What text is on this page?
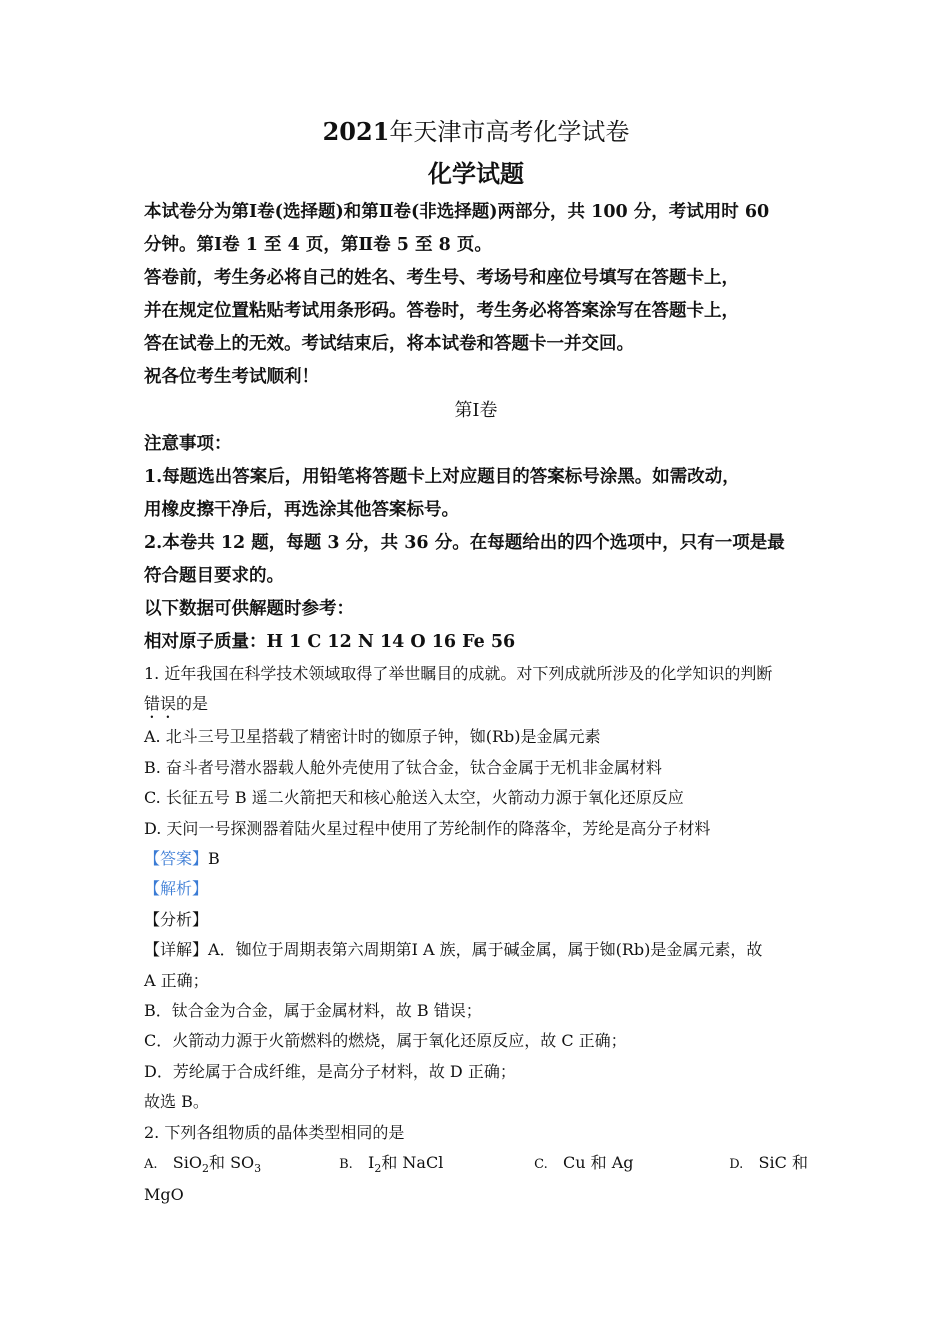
2021年天津市高考化学试卷

化学试题

本试卷分为第Ⅰ卷(选择题)和第Ⅱ卷(非选择题)两部分，共 100 分，考试用时 60

分钟。第Ⅰ卷 1 至 4 页，第Ⅱ卷 5 至 8 页。

答卷前，考生务必将自己的姓名、考生号、考场号和座位号填写在答题卡上，

并在规定位置粘贴考试用条形码。答卷时，考生务必将答案涂写在答题卡上，

答在试卷上的无效。考试结束后，将本试卷和答题卡一并交回。

祝各位考生考试顺利！

第Ⅰ卷

注意事项：

1.每题选出答案后，用铅笔将答题卡上对应题目的答案标号涂黑。如需改动，

用橡皮擦干净后，再选涂其他答案标号。

2.本卷共 12 题，每题 3 分，共 36 分。在每题给出的四个选项中，只有一项是最

符合题目要求的。

以下数据可供解题时参考：

相对原子质量：H 1 C 12 N 14 O 16 Fe 56

1. 近年我国在科学技术领域取得了举世瞩目的成就。对下列成就所涉及的化学知识的判断

错误的是

A. 北斗三号卫星搭载了精密计时的铷原子钟，铷(Rb)是金属元素

B. 奋斗者号潜水器载人舱外壳使用了钛合金，钛合金属于无机非金属材料

C. 长征五号 B 遥二火箭把天和核心舱送入太空，火箭动力源于氧化还原反应

D. 天问一号探测器着陆火星过程中使用了芳纶制作的降落伞，芳纶是高分子材料

【答案】B

【解析】

【分析】

【详解】A．铷位于周期表第六周期第Ⅰ A 族，属于碱金属，属于铷(Rb)是金属元素，故

A 正确；

B．钛合金为合金，属于金属材料，故 B 错误；

C．火箭动力源于火箭燃料的燃烧，属于氧化还原反应，故 C 正确；

D．芳纶属于合成纤维，是高分子材料，故 D 正确；

故选 B。

2. 下列各组物质的晶体类型相同的是

A. SiO$_2$和 $SO_3$	B. $I_2$和 NaCl	C. Cu 和 Ag	D. SiC 和

MgO
